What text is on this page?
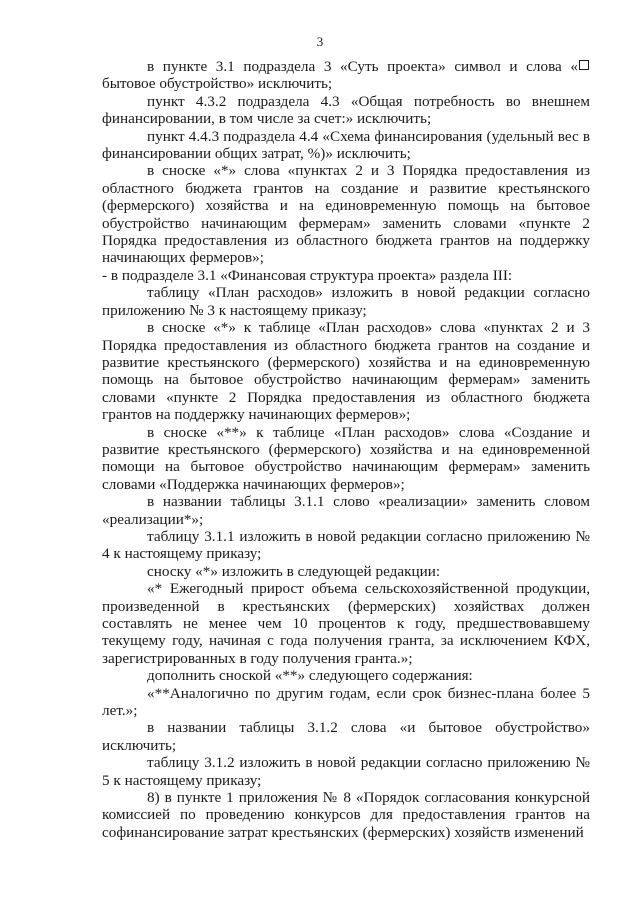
3

в пункте 3.1 подраздела 3 «Суть проекта» символ и слова « бытовое обустройство» исключить;

пункт 4.3.2 подраздела 4.3 «Общая потребность во внешнем финансировании, в том числе за счет:» исключить;

пункт 4.4.3 подраздела 4.4 «Схема финансирования (удельный вес в финансировании общих затрат, %)» исключить;

в сноске «*» слова «пунктах 2 и 3 Порядка предоставления из областного бюджета грантов на создание и развитие крестьянского (фермерского) хозяйства и на единовременную помощь на бытовое обустройство начинающим фермерам» заменить словами «пункте 2 Порядка предоставления из областного бюджета грантов на поддержку начинающих фермеров»;

- в подразделе 3.1 «Финансовая структура проекта» раздела III:

таблицу «План расходов» изложить в новой редакции согласно приложению № 3 к настоящему приказу;

в сноске «*» к таблице «План расходов» слова «пунктах 2 и 3 Порядка предоставления из областного бюджета грантов на создание и развитие крестьянского (фермерского) хозяйства и на единовременную помощь на бытовое обустройство начинающим фермерам» заменить словами «пункте 2 Порядка предоставления из областного бюджета грантов на поддержку начинающих фермеров»;

в сноске «**» к таблице «План расходов» слова «Создание и развитие крестьянского (фермерского) хозяйства и на единовременной помощи на бытовое обустройство начинающим фермерам» заменить словами «Поддержка начинающих фермеров»;

в названии таблицы 3.1.1 слово «реализации» заменить словом «реализации*»;

таблицу 3.1.1 изложить в новой редакции согласно приложению № 4 к настоящему приказу;

сноску «*» изложить в следующей редакции:

«* Ежегодный прирост объема сельскохозяйственной продукции, произведенной в крестьянских (фермерских) хозяйствах должен составлять не менее чем 10 процентов к году, предшествовавшему текущему году, начиная с года получения гранта, за исключением КФХ, зарегистрированных в году получения гранта.»;

дополнить сноской «**» следующего содержания:

«**Аналогично по другим годам, если срок бизнес-плана более 5 лет.»;

в названии таблицы 3.1.2 слова «и бытовое обустройство» исключить;

таблицу 3.1.2 изложить в новой редакции согласно приложению № 5 к настоящему приказу;

8) в пункте 1 приложения № 8 «Порядок согласования конкурсной комиссией по проведению конкурсов для предоставления грантов на софинансирование затрат крестьянских (фермерских) хозяйств изменений
